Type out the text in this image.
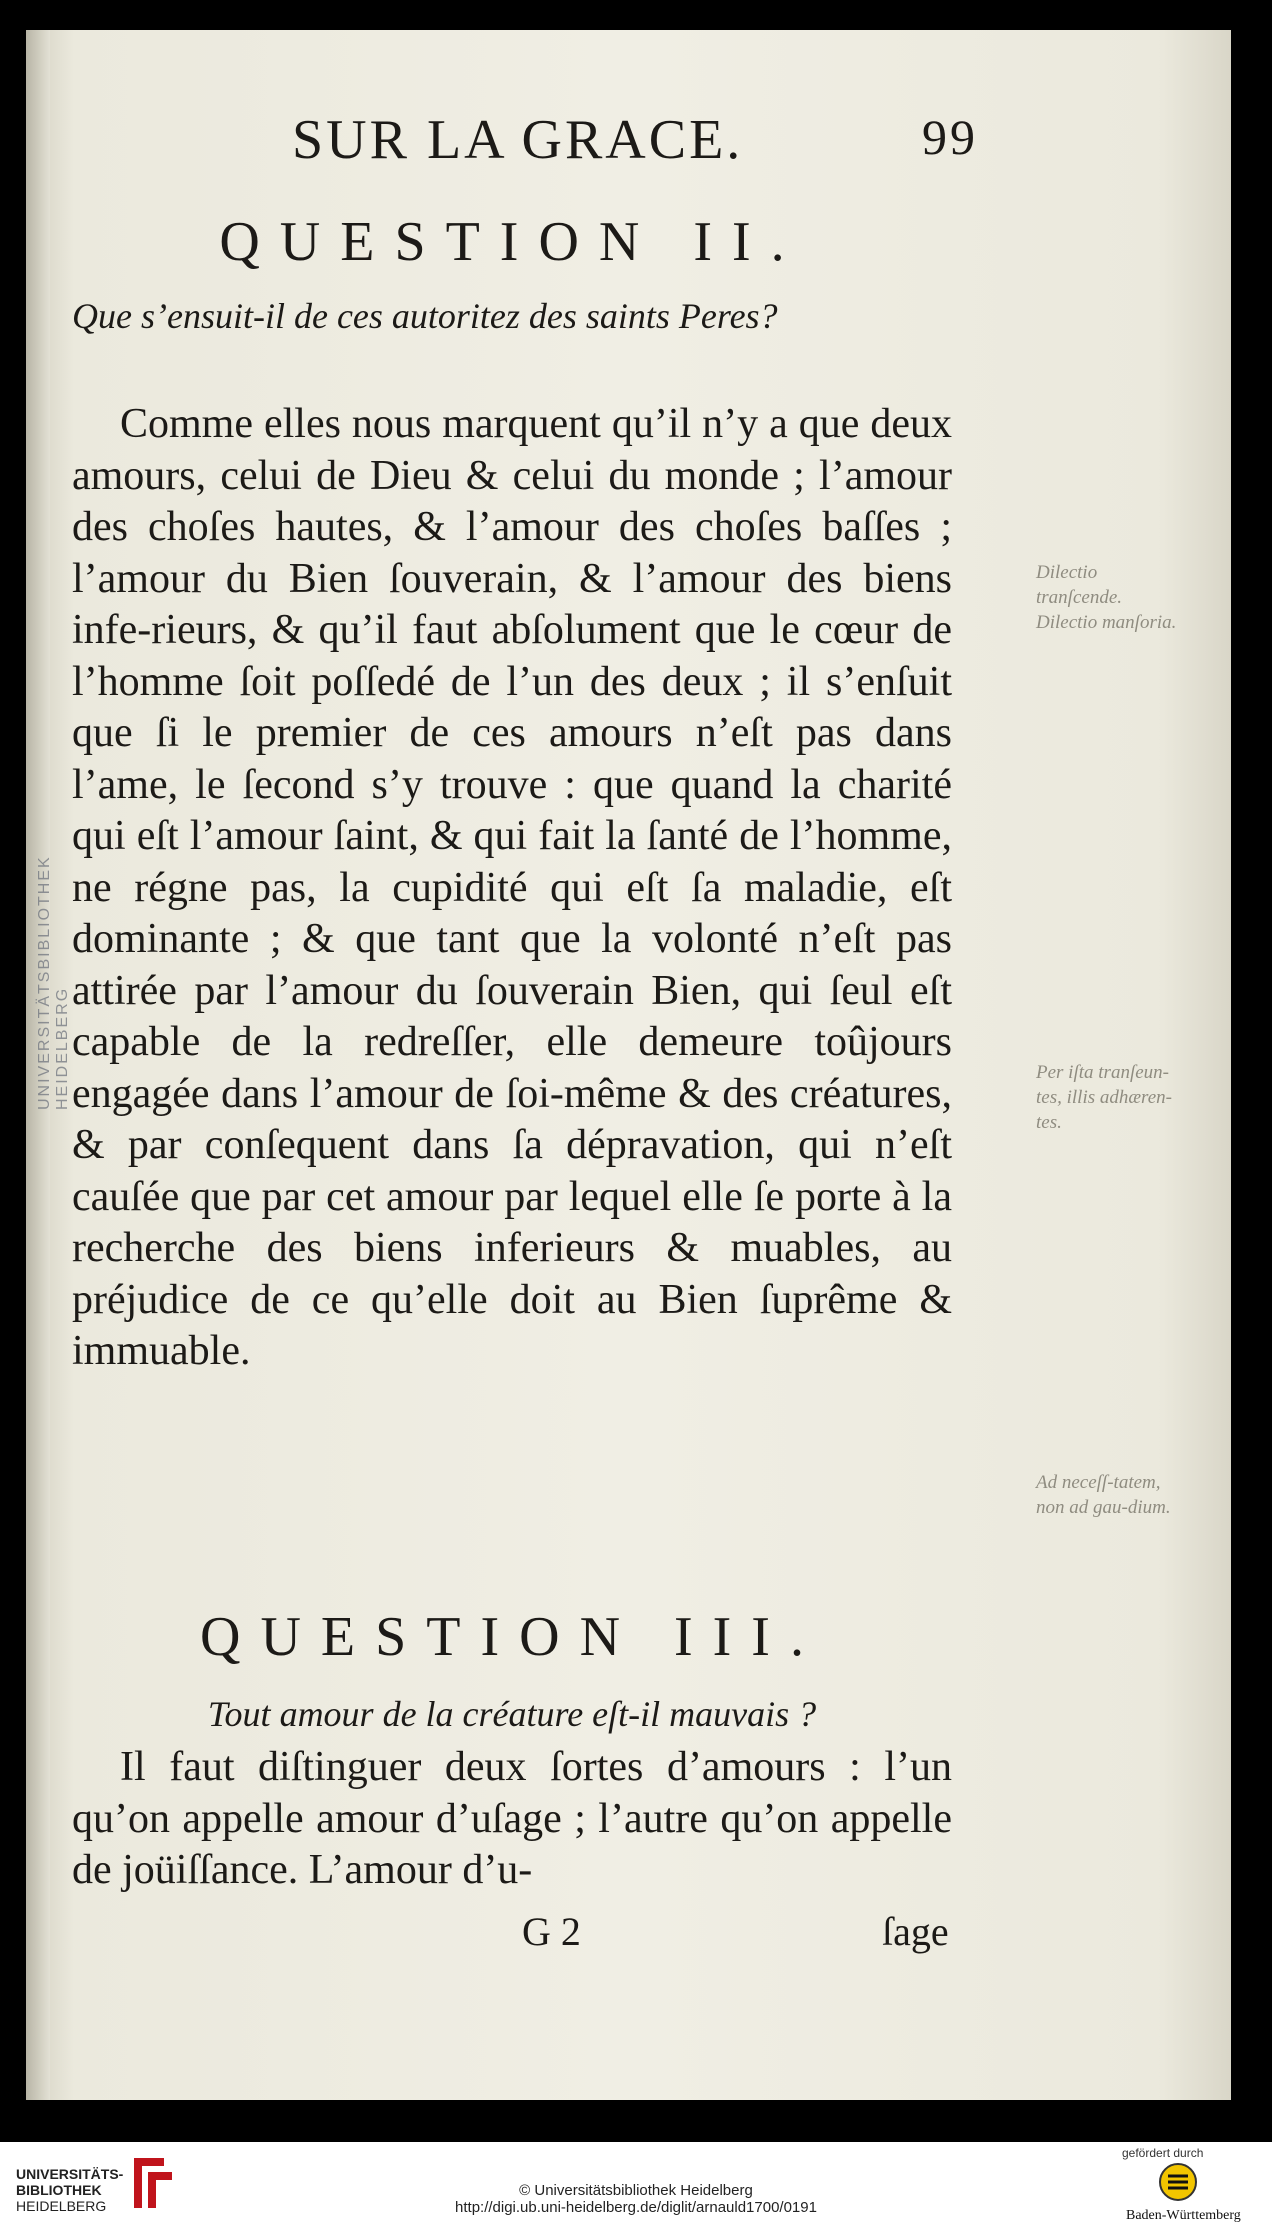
UNIVERSITÄTSBIBLIOTHEK HEIDELBERG
SUR LA GRACE.	99
QUESTION II.
Que s’ensuit-il de ces autoritez des saints Peres?
Comme elles nous marquent qu’il n’y a que deux amours, celui de Dieu & celui du monde ; l’amour des choſes hautes, & l’amour des choſes baſſes ; l’amour du Bien ſouverain, & l’amour des biens infe-rieurs, & qu’il faut abſolument que le cœur de l’homme ſoit poſſedé de l’un des deux ; il s’enſuit que ſi le premier de ces amours n’eſt pas dans l’ame, le ſecond s’y trouve : que quand la charité qui eſt l’amour ſaint, & qui fait la ſanté de l’homme, ne régne pas, la cupidité qui eſt ſa maladie, eſt dominante ; & que tant que la volonté n’eſt pas attirée par l’amour du ſouverain Bien, qui ſeul eſt capable de la redreſſer, elle demeure toûjours engagée dans l’amour de ſoi-même & des créatures, & par conſequent dans ſa dépravation, qui n’eſt cauſée que par cet amour par lequel elle ſe porte à la recherche des biens inferieurs & muables, au préjudice de ce qu’elle doit au Bien ſuprême & immuable.
QUESTION III.
Tout amour de la créature eſt-il mauvais ?
Il faut diſtinguer deux ſortes d’amours : l’un qu’on appelle amour d’uſage ; l’autre qu’on appelle de joüiſſance. L’amour d’u-
G 2	ſage
Dilectio tranſcende. Dilectio manſoria.
Per iſta tranſeun-tes, illis adhæren-tes.
Ad neceſſ-tatem, non ad gau-dium.
UNIVERSITÄTS-
BIBLIOTHEK
HEIDELBERG
© Universitätsbibliothek Heidelberg
http://digi.ub.uni-heidelberg.de/diglit/arnauld1700/0191
gefördert durch
Baden-Württemberg
